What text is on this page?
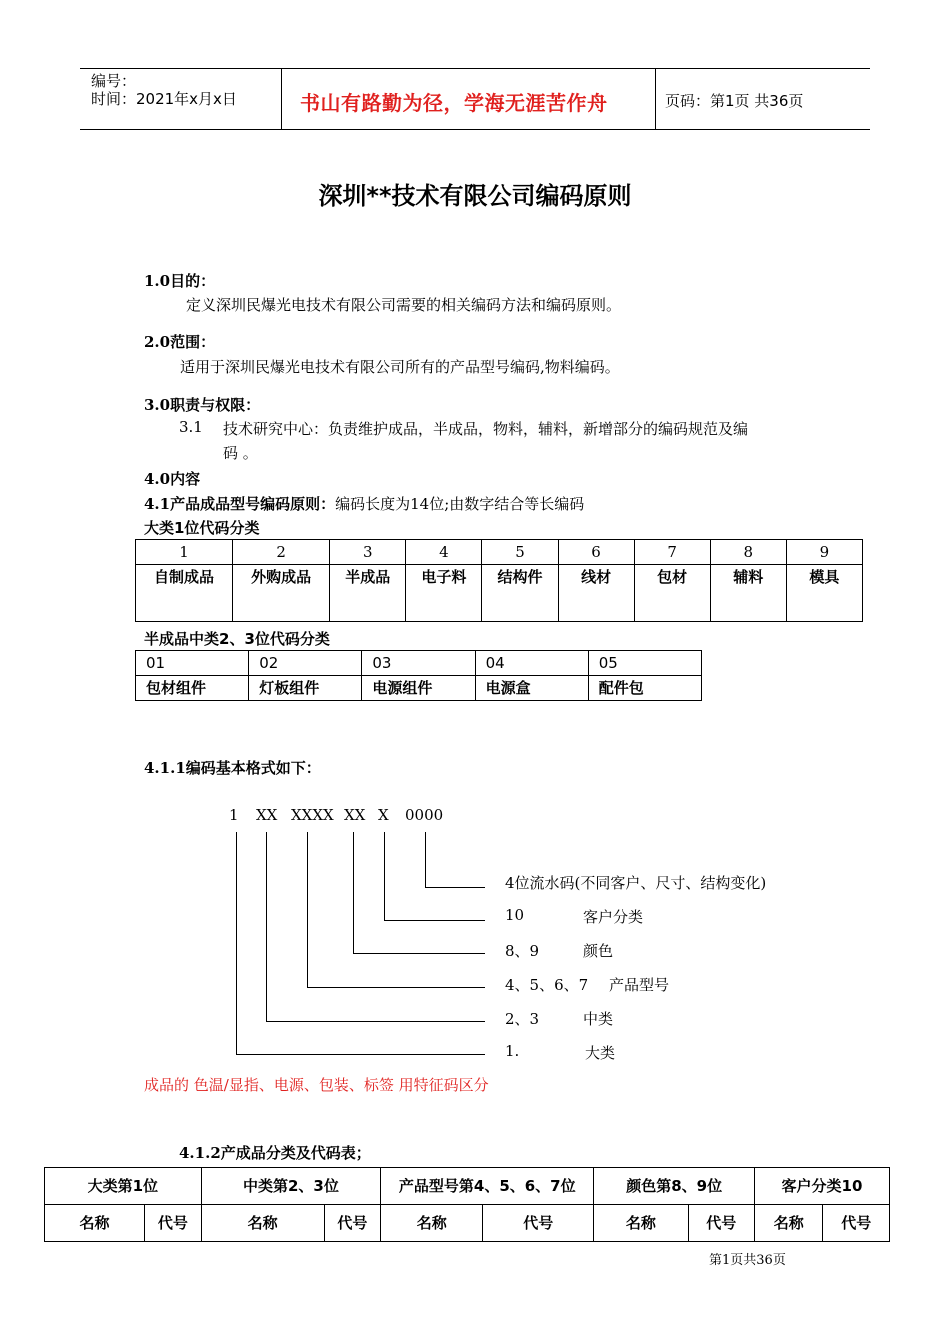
编号：
时间：2021年x月x日	书山有路勤为径，学海无涯苦作舟	页码：第1页 共36页
深圳**技术有限公司编码原则
1.0目的：
定义深圳民爆光电技术有限公司需要的相关编码方法和编码原则。
2.0范围：
适用于深圳民爆光电技术有限公司所有的产品型号编码,物料编码。
3.0职责与权限：
3.1 技术研究中心：负责维护成品，半成品，物料，辅料，新增部分的编码规范及编
码 。
4.0内容
4.1产品成品型号编码原则：编码长度为14位;由数字结合等长编码
大类1位代码分类
1	2	3	4	5	6	7	8	9
自制成品	外购成品	半成品	电子料	结构件	线材	包材	辅料	模具
半成品中类2、3位代码分类
01	02	03	04	05
包材组件	灯板组件	电源组件	电源盒	配件包
4.1.1编码基本格式如下：
1 XX XXXX XX X 0000
4位流水码(不同客户、尺寸、结构变化)
10	客户分类
8、9	颜色
4、5、6、7 产品型号
2、3	中类
1.	大类
成品的 色温/显指、电源、包装、标签 用特征码区分
4.1.2产成品分类及代码表；
大类第1位		中类第2、3位		产品型号第4、5、6、7位		颜色第8、9位		客户分类10	
名称	代号	名称	代号	名称	代号	名称	代号	名称	代号
第1页共36页
